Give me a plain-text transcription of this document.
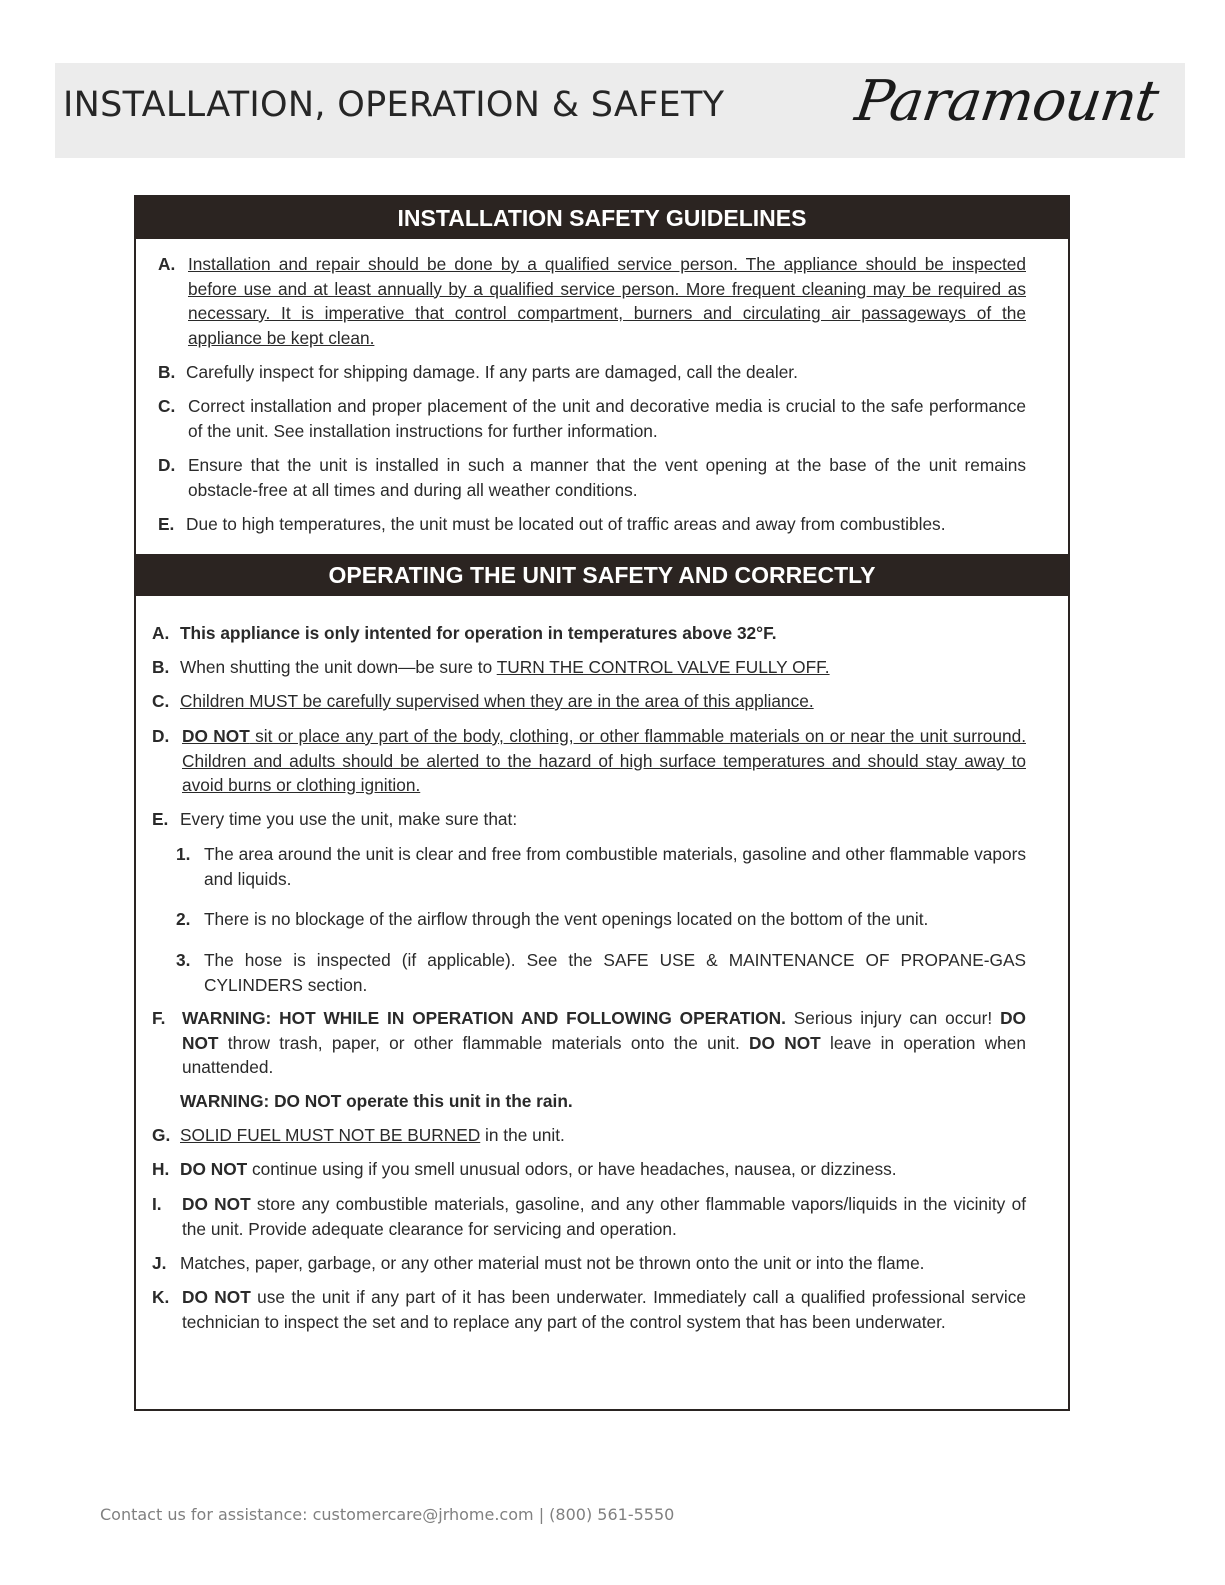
INSTALLATION, OPERATION & SAFETY Paramount
INSTALLATION SAFETY GUIDELINES
A. Installation and repair should be done by a qualified service person. The appliance should be inspected before use and at least annually by a qualified service person. More frequent cleaning may be required as necessary. It is imperative that control compartment, burners and circulating air passageways of the appliance be kept clean.
B. Carefully inspect for shipping damage. If any parts are damaged, call the dealer.
C. Correct installation and proper placement of the unit and decorative media is crucial to the safe performance of the unit. See installation instructions for further information.
D. Ensure that the unit is installed in such a manner that the vent opening at the base of the unit remains obstacle-free at all times and during all weather conditions.
E. Due to high temperatures, the unit must be located out of traffic areas and away from combustibles.
OPERATING THE UNIT SAFETY AND CORRECTLY
A. This appliance is only intented for operation in temperatures above 32°F.
B. When shutting the unit down—be sure to TURN THE CONTROL VALVE FULLY OFF.
C. Children MUST be carefully supervised when they are in the area of this appliance.
D. DO NOT sit or place any part of the body, clothing, or other flammable materials on or near the unit surround. Children and adults should be alerted to the hazard of high surface temperatures and should stay away to avoid burns or clothing ignition.
E. Every time you use the unit, make sure that:
1. The area around the unit is clear and free from combustible materials, gasoline and other flammable vapors and liquids.
2. There is no blockage of the airflow through the vent openings located on the bottom of the unit.
3. The hose is inspected (if applicable). See the SAFE USE & MAINTENANCE OF PROPANE-GAS CYLINDERS section.
F. WARNING: HOT WHILE IN OPERATION AND FOLLOWING OPERATION. Serious injury can occur! DO NOT throw trash, paper, or other flammable materials onto the unit. DO NOT leave in operation when unattended.
WARNING: DO NOT operate this unit in the rain.
G. SOLID FUEL MUST NOT BE BURNED in the unit.
H. DO NOT continue using if you smell unusual odors, or have headaches, nausea, or dizziness.
I.	DO NOT store any combustible materials, gasoline, and any other flammable vapors/liquids in the vicinity of the unit. Provide adequate clearance for servicing and operation.
J. Matches, paper, garbage, or any other material must not be thrown onto the unit or into the flame.
K. DO NOT use the unit if any part of it has been underwater. Immediately call a qualified professional service technician to inspect the set and to replace any part of the control system that has been underwater.
Contact us for assistance: customercare@jrhome.com | (800) 561-5550
